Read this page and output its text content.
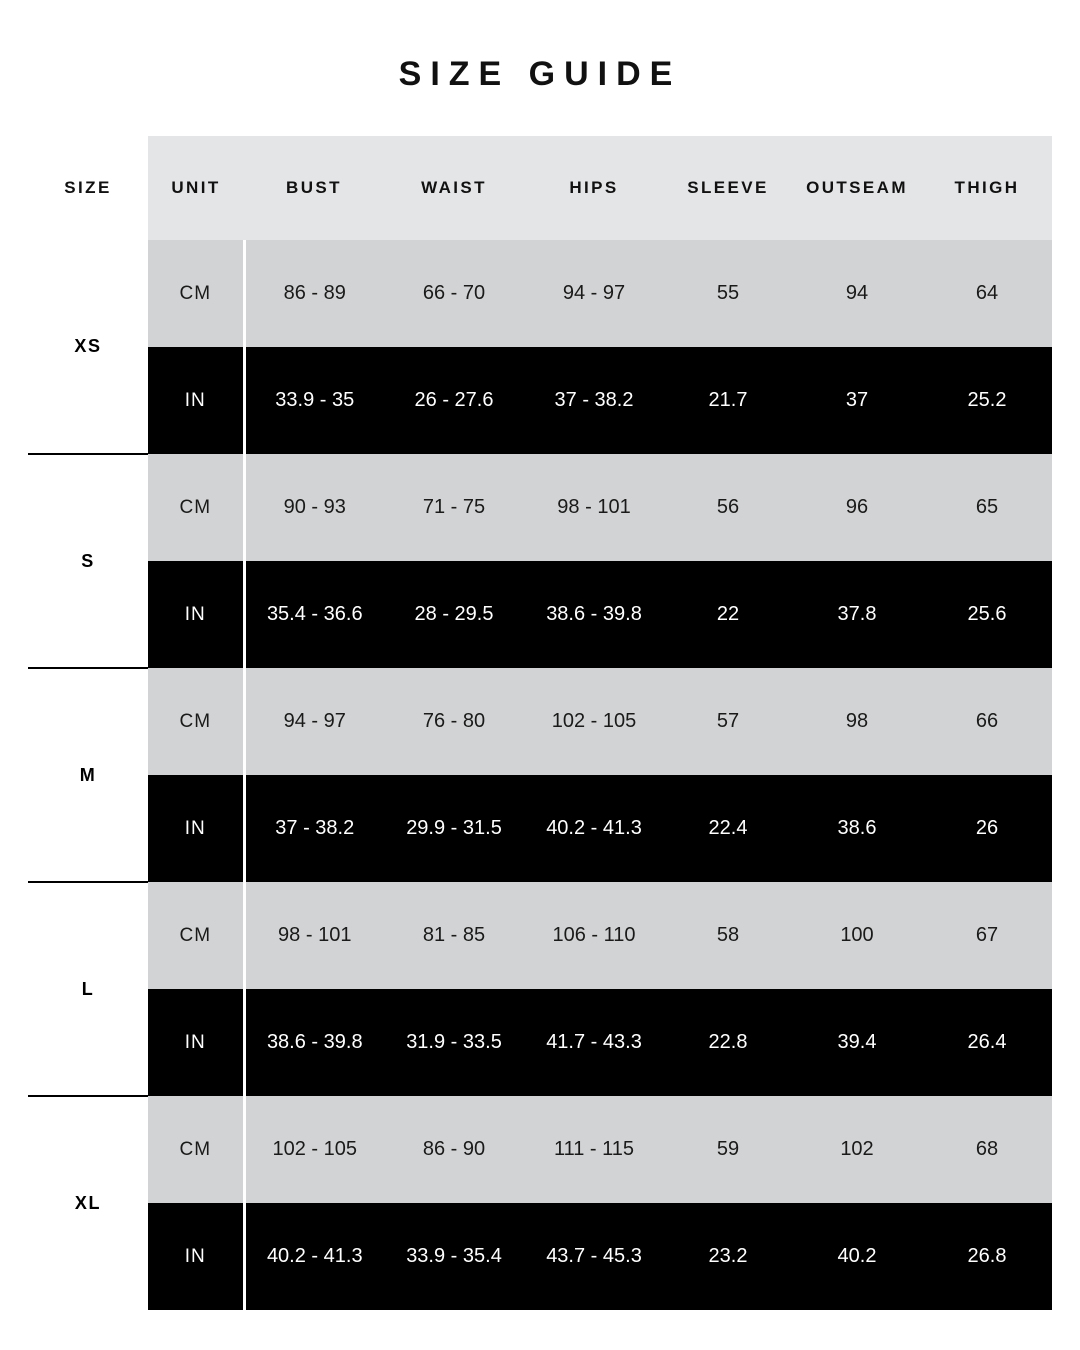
SIZE GUIDE
SIZE	UNIT	BUST	WAIST	HIPS	SLEEVE	OUTSEAM	THIGH
XS	CM	86 - 89	66 - 70	94 - 97	55	94	64
	IN	33.9 - 35	26 - 27.6	37 - 38.2	21.7	37	25.2
S	CM	90 - 93	71 - 75	98 - 101	56	96	65
	IN	35.4 - 36.6	28 - 29.5	38.6 - 39.8	22	37.8	25.6
M	CM	94 - 97	76 - 80	102 - 105	57	98	66
	IN	37 - 38.2	29.9 - 31.5	40.2 - 41.3	22.4	38.6	26
L	CM	98 - 101	81 - 85	106 - 110	58	100	67
	IN	38.6 - 39.8	31.9 - 33.5	41.7 - 43.3	22.8	39.4	26.4
XL	CM	102 - 105	86 - 90	111 - 115	59	102	68
	IN	40.2 - 41.3	33.9 - 35.4	43.7 - 45.3	23.2	40.2	26.8
